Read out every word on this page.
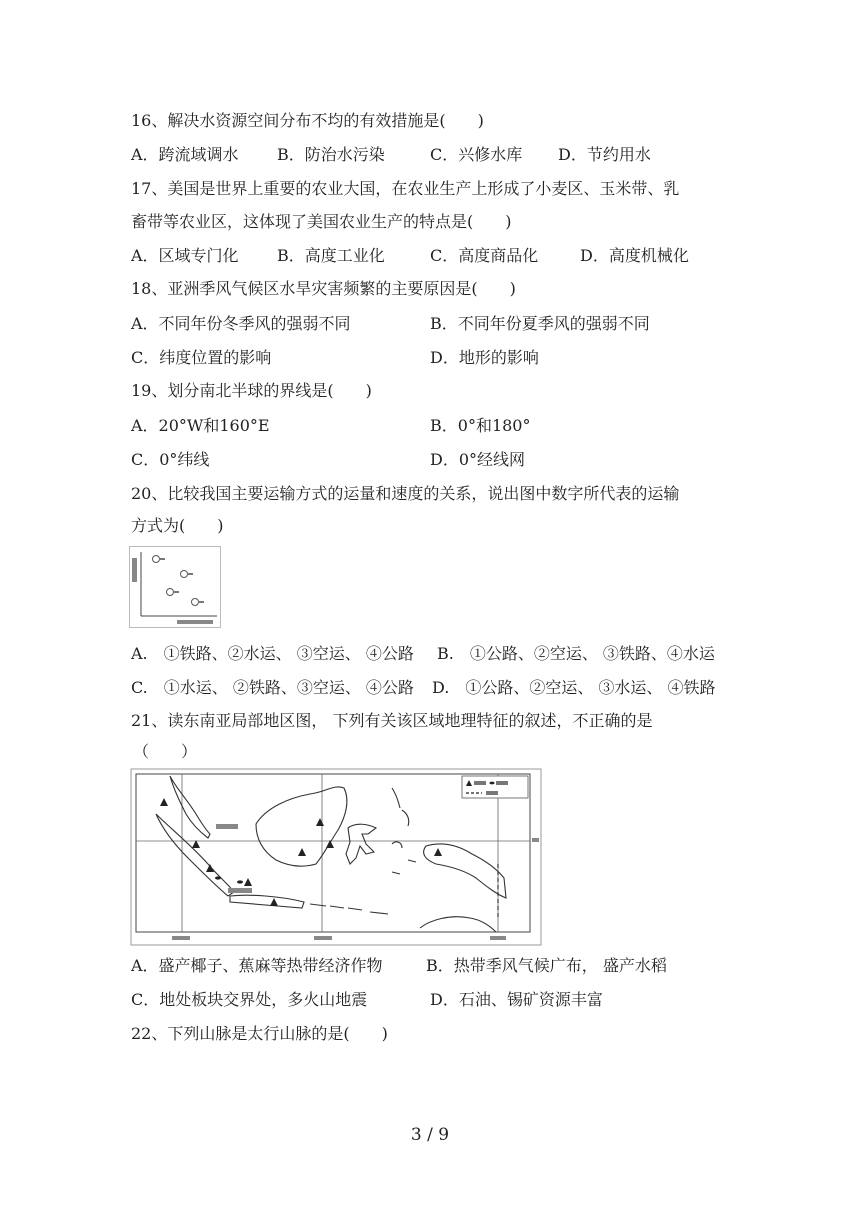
16、解决水资源空间分布不均的有效措施是(　　)
A．跨流域调水 B．防治水污染	C．兴修水库 D．节约用水
17、美国是世界上重要的农业大国，在农业生产上形成了小麦区、玉米带、乳
畜带等农业区，这体现了美国农业生产的特点是(　　)
A．区域专门化 B．高度工业化	C．高度商品化	D．高度机械化
18、亚洲季风气候区水旱灾害频繁的主要原因是(　　)
A．不同年份冬季风的强弱不同	B．不同年份夏季风的强弱不同
C．纬度位置的影响	D．地形的影响
19、划分南北半球的界线是(　　)
A．20°W和160°E	B．0°和180°
C．0°纬线	D．0°经线网
20、比较我国主要运输方式的运量和速度的关系，说出图中数字所代表的运输
方式为(　　)
A.　①铁路、②水运、 ③空运、 ④公路 B.　①公路、②空运、 ③铁路、④水运
C.　①水运、 ②铁路、③空运、 ④公路 D.　①公路、②空运、 ③水运、 ④铁路
21、读东南亚局部地区图， 下列有关该区域地理特征的叙述，不正确的是
（　　）
A．盛产椰子、蕉麻等热带经济作物	B．热带季风气候广布， 盛产水稻
C．地处板块交界处，多火山地震	D．石油、锡矿资源丰富
22、下列山脉是太行山脉的是(　　)
3 / 9
